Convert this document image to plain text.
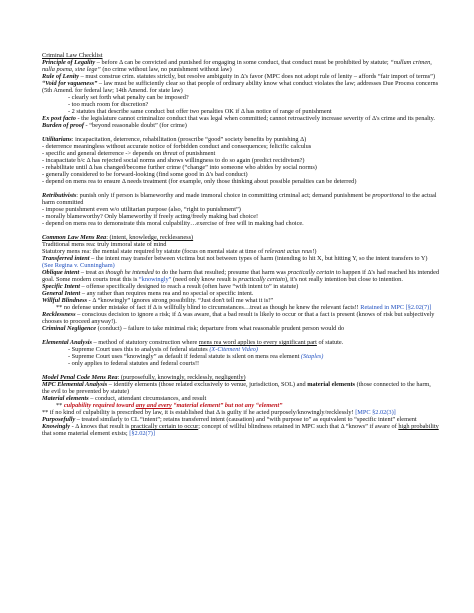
Criminal Law Checklist

Principle of Legality – before Δ can be convicted and punished for engaging in some conduct, that conduct must be prohibited by statute; “nullum crimen, nulla poena, sine lege” (no crime without law, no punishment without law)

Rule of Lenity – must construe crim. statutes strictly, but resolve ambiguity in Δ's favor (MPC does not adopt rule of lenity – affords “fair import of terms”)

“Void for vagueness” – law must be sufficiently clear so that people of ordinary ability know what conduct violates the law; addresses Due Process concerns (5th Amend. for federal law; 14th Amend. for state law)

- clearly set forth what penalty can be imposed?

- too much room for discretion?

- 2 statutes that describe same conduct but offer two penalties OK if Δ has notice of range of punishment

Ex post facto - the legislature cannot criminalize conduct that was legal when committed; cannot retroactively increase severity of Δ's crime and its penalty.

Burden of proof - “beyond reasonable doubt” (for crime)

Utilitarians: incapacitation, deterrence, rehabilitation (proscribe “good” society benefits by punishing Δ)

- deterrence meaningless without accurate notice of forbidden conduct and consequences; felicific calculus

- specific and general deterrence -> depends on threat of punishment

- incapacitate b/c Δ has rejected social norms and shows willingness to do so again (predict recidivism?)

- rehabilitate until Δ has changed/become further crime (“change” into someone who abides by social norms)

- generally considered to be forward-looking (find some good in Δ's bad conduct)

- depend on mens rea to ensure Δ needs treatment (for example, only those thinking about possible penalties can be deterred)

Retributivists: punish only if person is blameworthy and made immoral choice in committing criminal act; demand punishment be proportional to the actual harm committed

- impose punishment even w/o utilitarian purpose (also, “right to punishment”)

- morally blameworthy? Only blameworthy if freely acting/freely making bad choice!

- depend on mens rea to demonstrate this moral culpability…exercise of free will in making bad choice.

Common Law Mens Rea: (intent, knowledge, recklessness)

Traditional mens rea: truly immoral state of mind

Statutory mens rea: the mental state required by statute (focus on mental state at time of relevant actus reus!)

Transferred intent – the intent may transfer between victims but not between types of harm (intending to hit X, but hitting Y, so the intent transfers to Y) (See Regina v. Cunningham)

Oblique intent – treat as though he intended to do the harm that resulted; presume that harm was practically certain to happen if Δ's had reached his intended goal. Some modern courts treat this is “knowingly” (need only know result is practically certain), it's not really intention but close to intention.

Specific Intent – offense specifically designed to reach a result (often have “with intent to” in statute)

General Intent – any rather than requires mens rea and no special or specific intent.

Willful Blindness - Δ “knowingly” ignores strong possibility. “Just don't tell me what it is!”

** no defense under mistake of fact if Δ is willfully blind to circumstances…treat as though he knew the relevant facts!! Retained in MPC [§2.02(7)]

Recklessness – conscious decision to ignore a risk; if Δ was aware, that a bad result is likely to occur or that a fact is present (knows of risk but subjectively chooses to proceed anyway!).

Criminal Negligence (conduct) – failure to take minimal risk; departure from what reasonable prudent person would do

Elemental Analysis – method of statutory construction where mens rea word applies to every significant part of statute.

- Supreme Court uses this to analysis of federal statutes (X-Citement Video)

- Supreme Court uses “knowingly” as default if federal statute is silent on mens rea element (Staples)

- only applies to federal statutes and federal courts!!

Model Penal Code Mens Rea: (purposefully, knowingly, recklessly, negligently)

MPC Elemental Analysis – identify elements (those related exclusively to venue, jurisdiction, SOL) and material elements (those connected to the harm, the evil to be prevented by statute)

Material elements – conduct, attendant circumstances, and result

** culpability required toward any and every “material element” but not any “element”

** if no kind of culpability is prescribed by law, it is established that Δ is guilty if he acted purposely/knowingly/recklessly! [MPC §2.02(3)]

Purposefully – treated similarly to CL “intent”; retains transferred intent (causation) and “with purpose to” as equivalent to “specific intent” element

Knowingly - Δ knows that result is practically certain to occur; concept of willful blindness retained in MPC such that Δ “knows” if aware of high probability that some material element exists; [§2.02(7)]
